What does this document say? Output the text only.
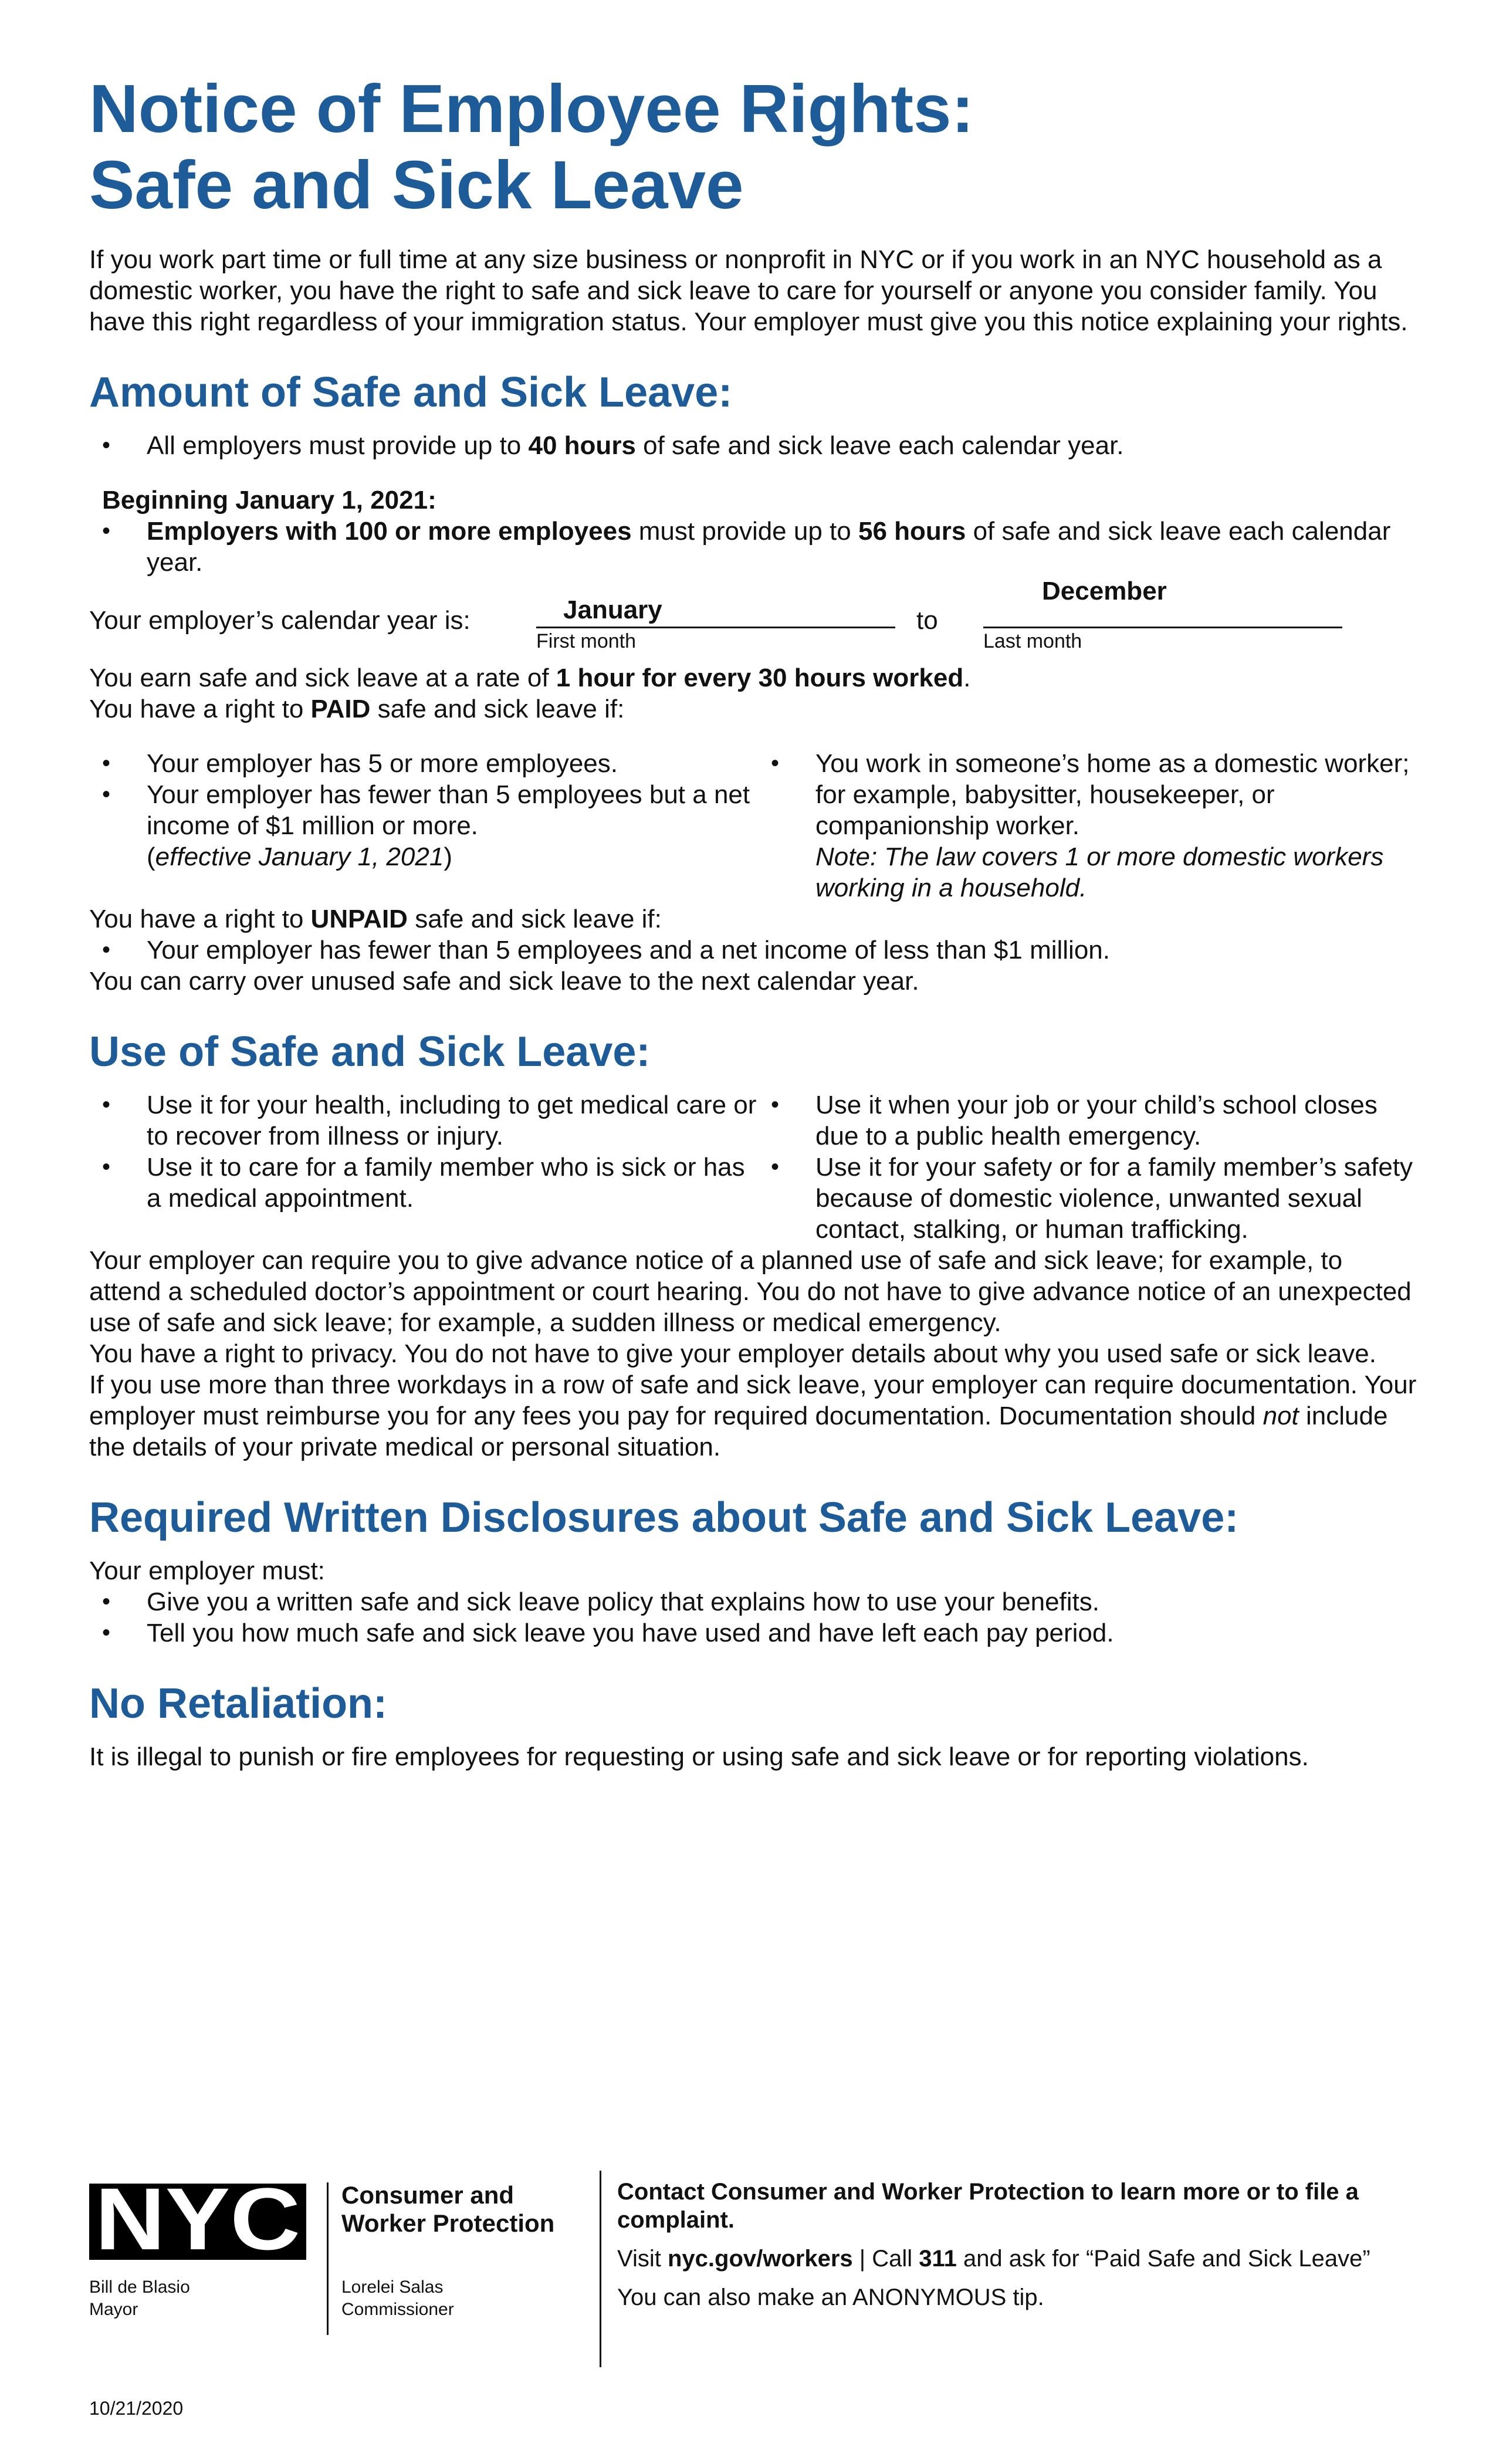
Notice of Employee Rights:
Safe and Sick Leave

If you work part time or full time at any size business or nonprofit in NYC or if you work in an NYC household as a domestic worker, you have the right to safe and sick leave to care for yourself or anyone you consider family. You have this right regardless of your immigration status. Your employer must give you this notice explaining your rights.

Amount of Safe and Sick Leave:
• All employers must provide up to 40 hours of safe and sick leave each calendar year.
Beginning January 1, 2021:
• Employers with 100 or more employees must provide up to 56 hours of safe and sick leave each calendar year.
Your employer’s calendar year is:	January
First month
to
December
Last month

You earn safe and sick leave at a rate of 1 hour for every 30 hours worked.

You have a right to PAID safe and sick leave if:

• Your employer has 5 or more employees.
• Your employer has fewer than 5 employees but a net income of $1 million or more.
(effective January 1, 2021)
• You work in someone’s home as a domestic worker; for example, babysitter, housekeeper, or companionship worker.
Note: The law covers 1 or more domestic workers working in a household.

You have a right to UNPAID safe and sick leave if:

• Your employer has fewer than 5 employees and a net income of less than $1 million.

You can carry over unused safe and sick leave to the next calendar year.

Use of Safe and Sick Leave:
• Use it for your health, including to get medical care or to recover from illness or injury.
• Use it to care for a family member who is sick or has a medical appointment.
• Use it when your job or your child’s school closes due to a public health emergency.
• Use it for your safety or for a family member’s safety because of domestic violence, unwanted sexual contact, stalking, or human trafficking.

Your employer can require you to give advance notice of a planned use of safe and sick leave; for example, to attend a scheduled doctor’s appointment or court hearing. You do not have to give advance notice of an unexpected use of safe and sick leave; for example, a sudden illness or medical emergency.

You have a right to privacy. You do not have to give your employer details about why you used safe or sick leave.

If you use more than three workdays in a row of safe and sick leave, your employer can require documentation. Your employer must reimburse you for any fees you pay for required documentation. Documentation should not include the details of your private medical or personal situation.

Required Written Disclosures about Safe and Sick Leave:

Your employer must:

• Give you a written safe and sick leave policy that explains how to use your benefits.
• Tell you how much safe and sick leave you have used and have left each pay period.
No Retaliation:

It is illegal to punish or fire employees for requesting or using safe and sick leave or for reporting violations.

NYC
Bill de Blasio
Mayor
Consumer and
Worker Protection
Lorelei Salas
Commissioner
Contact Consumer and Worker Protection to learn more or to file a complaint.
Visit nyc.gov/workers | Call 311 and ask for “Paid Safe and Sick Leave”
You can also make an ANONYMOUS tip.
10/21/2020
